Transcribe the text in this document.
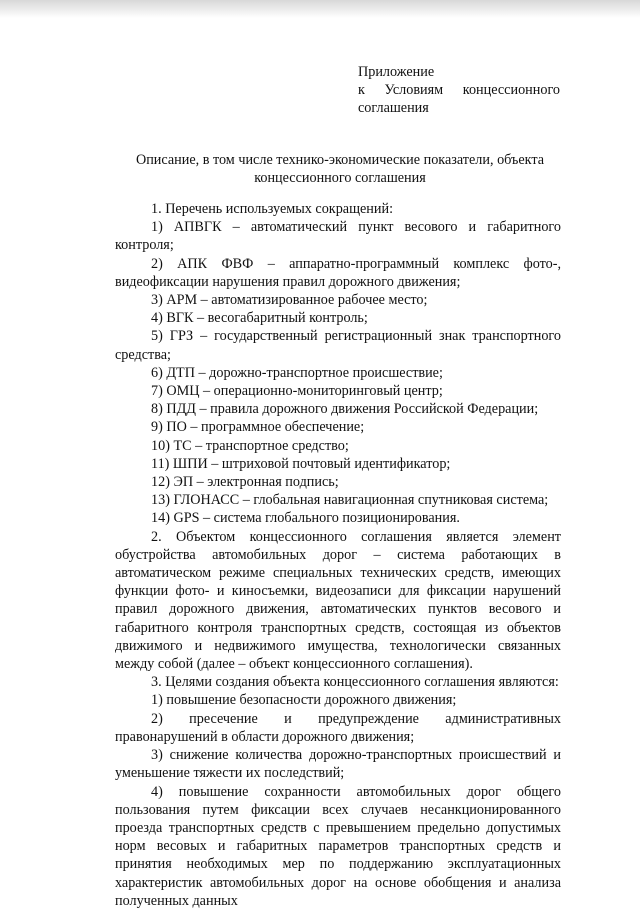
Приложение
к Условиям концессионного
соглашения
Описание, в том числе технико-экономические показатели, объекта
концессионного соглашения

1. Перечень используемых сокращений:

1) АПВГК – автоматический пункт весового и габаритного контроля;

2) АПК ФВФ – аппаратно-программный комплекс фото-,

видеофиксации нарушения правил дорожного движения;

3) АРМ – автоматизированное рабочее место;

4) ВГК – весогабаритный контроль;

5) ГРЗ – государственный регистрационный знак транспортного

средства;

6) ДТП – дорожно-транспортное происшествие;

7) ОМЦ – операционно-мониторинговый центр;

8) ПДД – правила дорожного движения Российской Федерации;

9) ПО – программное обеспечение;

10) ТС – транспортное средство;

11) ШПИ – штриховой почтовый идентификатор;

12) ЭП – электронная подпись;

13) ГЛОНАСС – глобальная навигационная спутниковая система;

14) GPS – система глобального позиционирования.

2. Объектом концессионного соглашения является элемент обустройства автомобильных дорог – система работающих в автоматическом режиме специальных технических средств, имеющих функции фото- и киносъемки, видеозаписи для фиксации нарушений правил дорожного движения, автоматических пунктов весового и габаритного контроля транспортных средств, состоящая из объектов движимого и недвижимого имущества, технологически связанных между собой (далее – объект концессионного соглашения).

3. Целями создания объекта концессионного соглашения являются:

1) повышение безопасности дорожного движения;

2) пресечение и предупреждение административных

правонарушений в области дорожного движения;

3) снижение количества дорожно-транспортных происшествий и уменьшение тяжести их последствий;

4) повышение сохранности автомобильных дорог общего пользования путем фиксации всех случаев несанкционированного проезда транспортных средств с превышением предельно допустимых норм весовых и габаритных параметров транспортных средств и принятия необходимых мер по поддержанию эксплуатационных характеристик автомобильных дорог на основе обобщения и анализа полученных данных
